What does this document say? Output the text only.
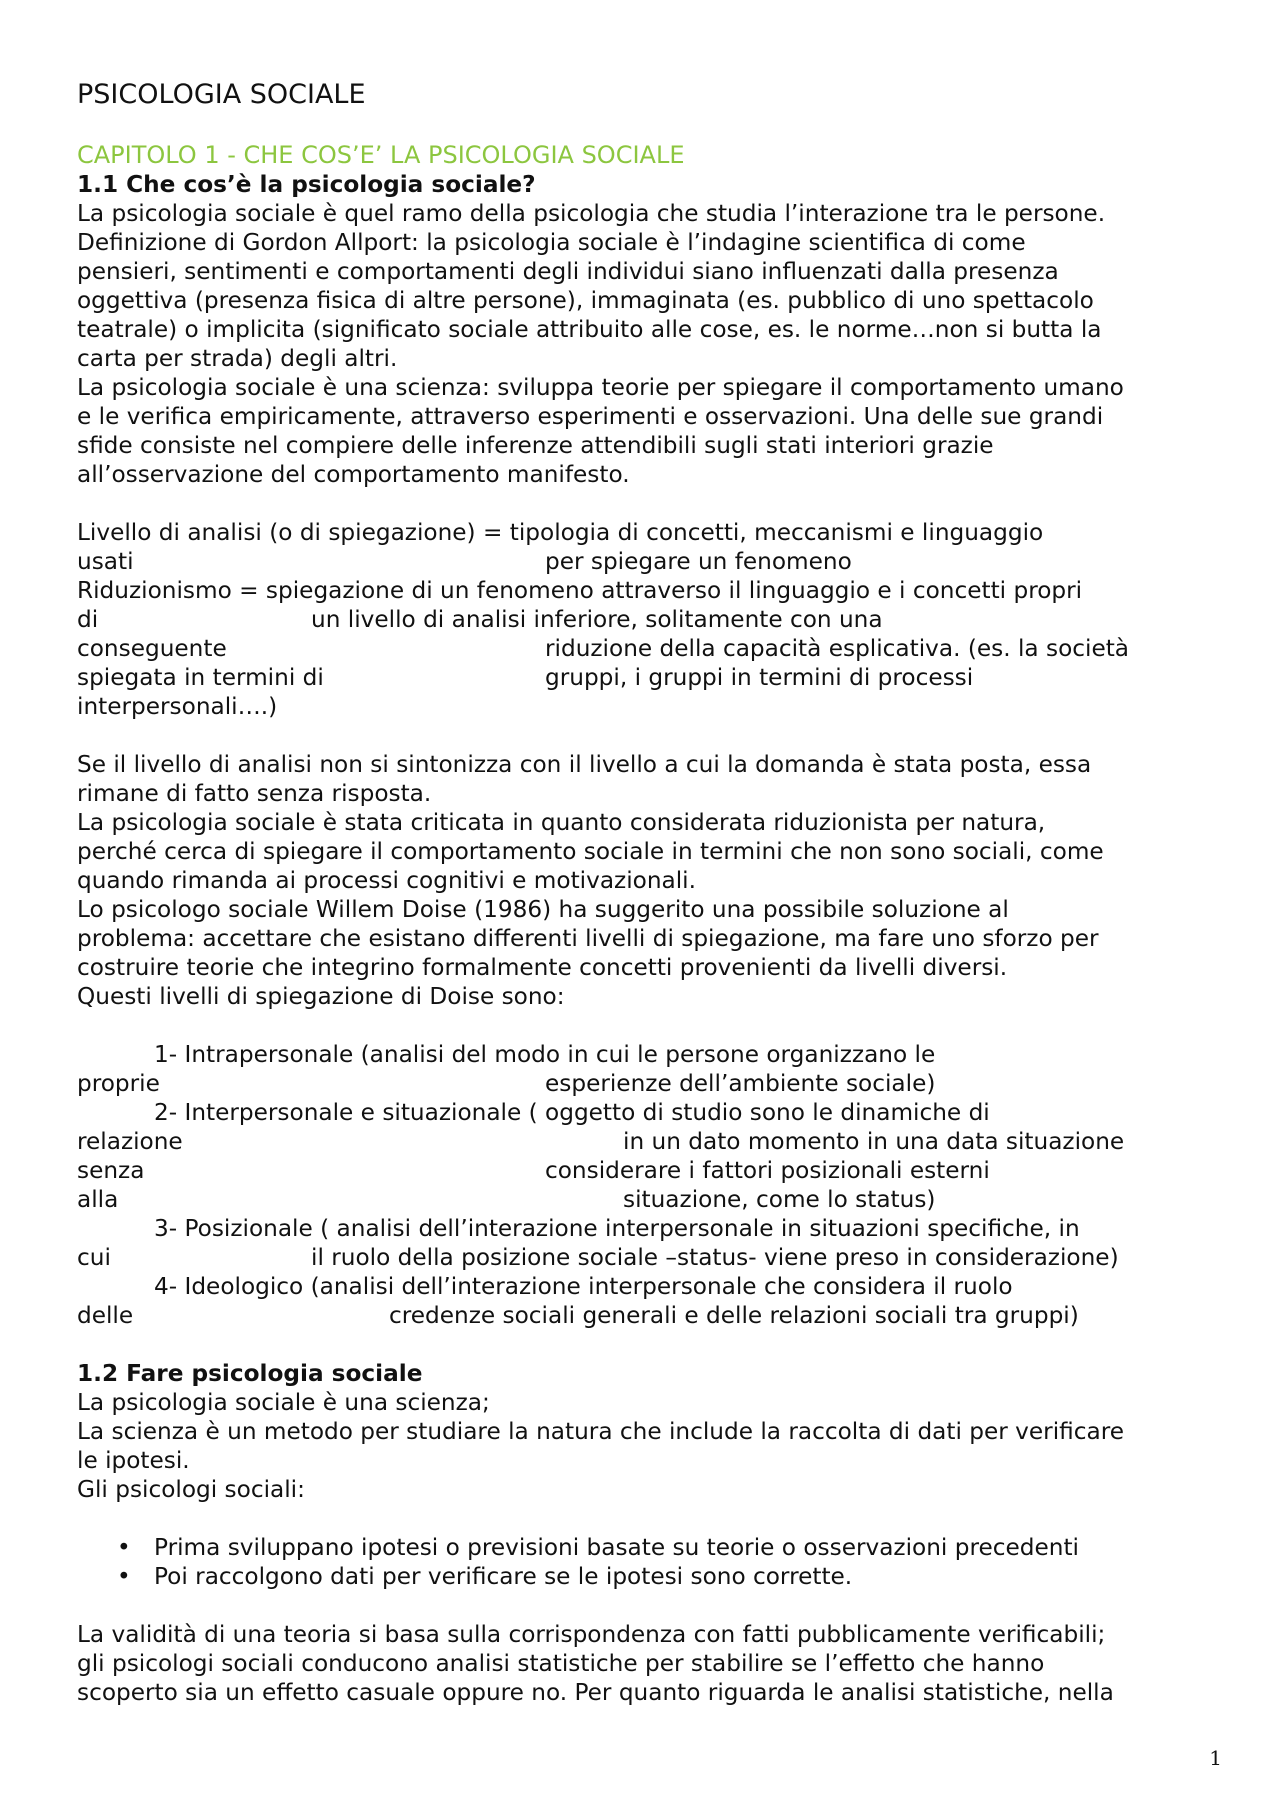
PSICOLOGIA SOCIALE
CAPITOLO 1 - CHE COS’E’ LA PSICOLOGIA SOCIALE
1.1 Che cos’è la psicologia sociale?
La psicologia sociale è quel ramo della psicologia che studia l’interazione tra le persone.
Definizione di Gordon Allport: la psicologia sociale è l’indagine scientifica di come
pensieri, sentimenti e comportamenti degli individui siano influenzati dalla presenza
oggettiva (presenza fisica di altre persone), immaginata (es. pubblico di uno spettacolo
teatrale) o implicita (significato sociale attribuito alle cose, es. le norme…non si butta la
carta per strada) degli altri.
La psicologia sociale è una scienza: sviluppa teorie per spiegare il comportamento umano
e le verifica empiricamente, attraverso esperimenti e osservazioni. Una delle sue grandi
sfide consiste nel compiere delle inferenze attendibili sugli stati interiori grazie
all’osservazione del comportamento manifesto.
Livello di analisi (o di spiegazione) = tipologia di concetti, meccanismi e linguaggio
usati	per spiegare un fenomeno
Riduzionismo = spiegazione di un fenomeno attraverso il linguaggio e i concetti propri
di	un livello di analisi inferiore, solitamente con una
conseguente	riduzione della capacità esplicativa. (es. la società
spiegata in termini di	gruppi, i gruppi in termini di processi
interpersonali….)
Se il livello di analisi non si sintonizza con il livello a cui la domanda è stata posta, essa
rimane di fatto senza risposta.
La psicologia sociale è stata criticata in quanto considerata riduzionista per natura,
perché cerca di spiegare il comportamento sociale in termini che non sono sociali, come
quando rimanda ai processi cognitivi e motivazionali.
Lo psicologo sociale Willem Doise (1986) ha suggerito una possibile soluzione al
problema: accettare che esistano differenti livelli di spiegazione, ma fare uno sforzo per
costruire teorie che integrino formalmente concetti provenienti da livelli diversi.
Questi livelli di spiegazione di Doise sono:
1- Intrapersonale (analisi del modo in cui le persone organizzano le
proprie	esperienze dell’ambiente sociale)
2- Interpersonale e situazionale ( oggetto di studio sono le dinamiche di
relazione	in un dato momento in una data situazione
senza	considerare i fattori posizionali esterni
alla	situazione, come lo status)
3- Posizionale ( analisi dell’interazione interpersonale in situazioni specifiche, in
cui	il ruolo della posizione sociale –status- viene preso in considerazione)
4- Ideologico (analisi dell’interazione interpersonale che considera il ruolo
delle	credenze sociali generali e delle relazioni sociali tra gruppi)
1.2 Fare psicologia sociale
La psicologia sociale è una scienza;
La scienza è un metodo per studiare la natura che include la raccolta di dati per verificare
le ipotesi.
Gli psicologi sociali:
• Prima sviluppano ipotesi o previsioni basate su teorie o osservazioni precedenti
• Poi raccolgono dati per verificare se le ipotesi sono corrette.
La validità di una teoria si basa sulla corrispondenza con fatti pubblicamente verificabili;
gli psicologi sociali conducono analisi statistiche per stabilire se l’effetto che hanno
scoperto sia un effetto casuale oppure no. Per quanto riguarda le analisi statistiche, nella
1
